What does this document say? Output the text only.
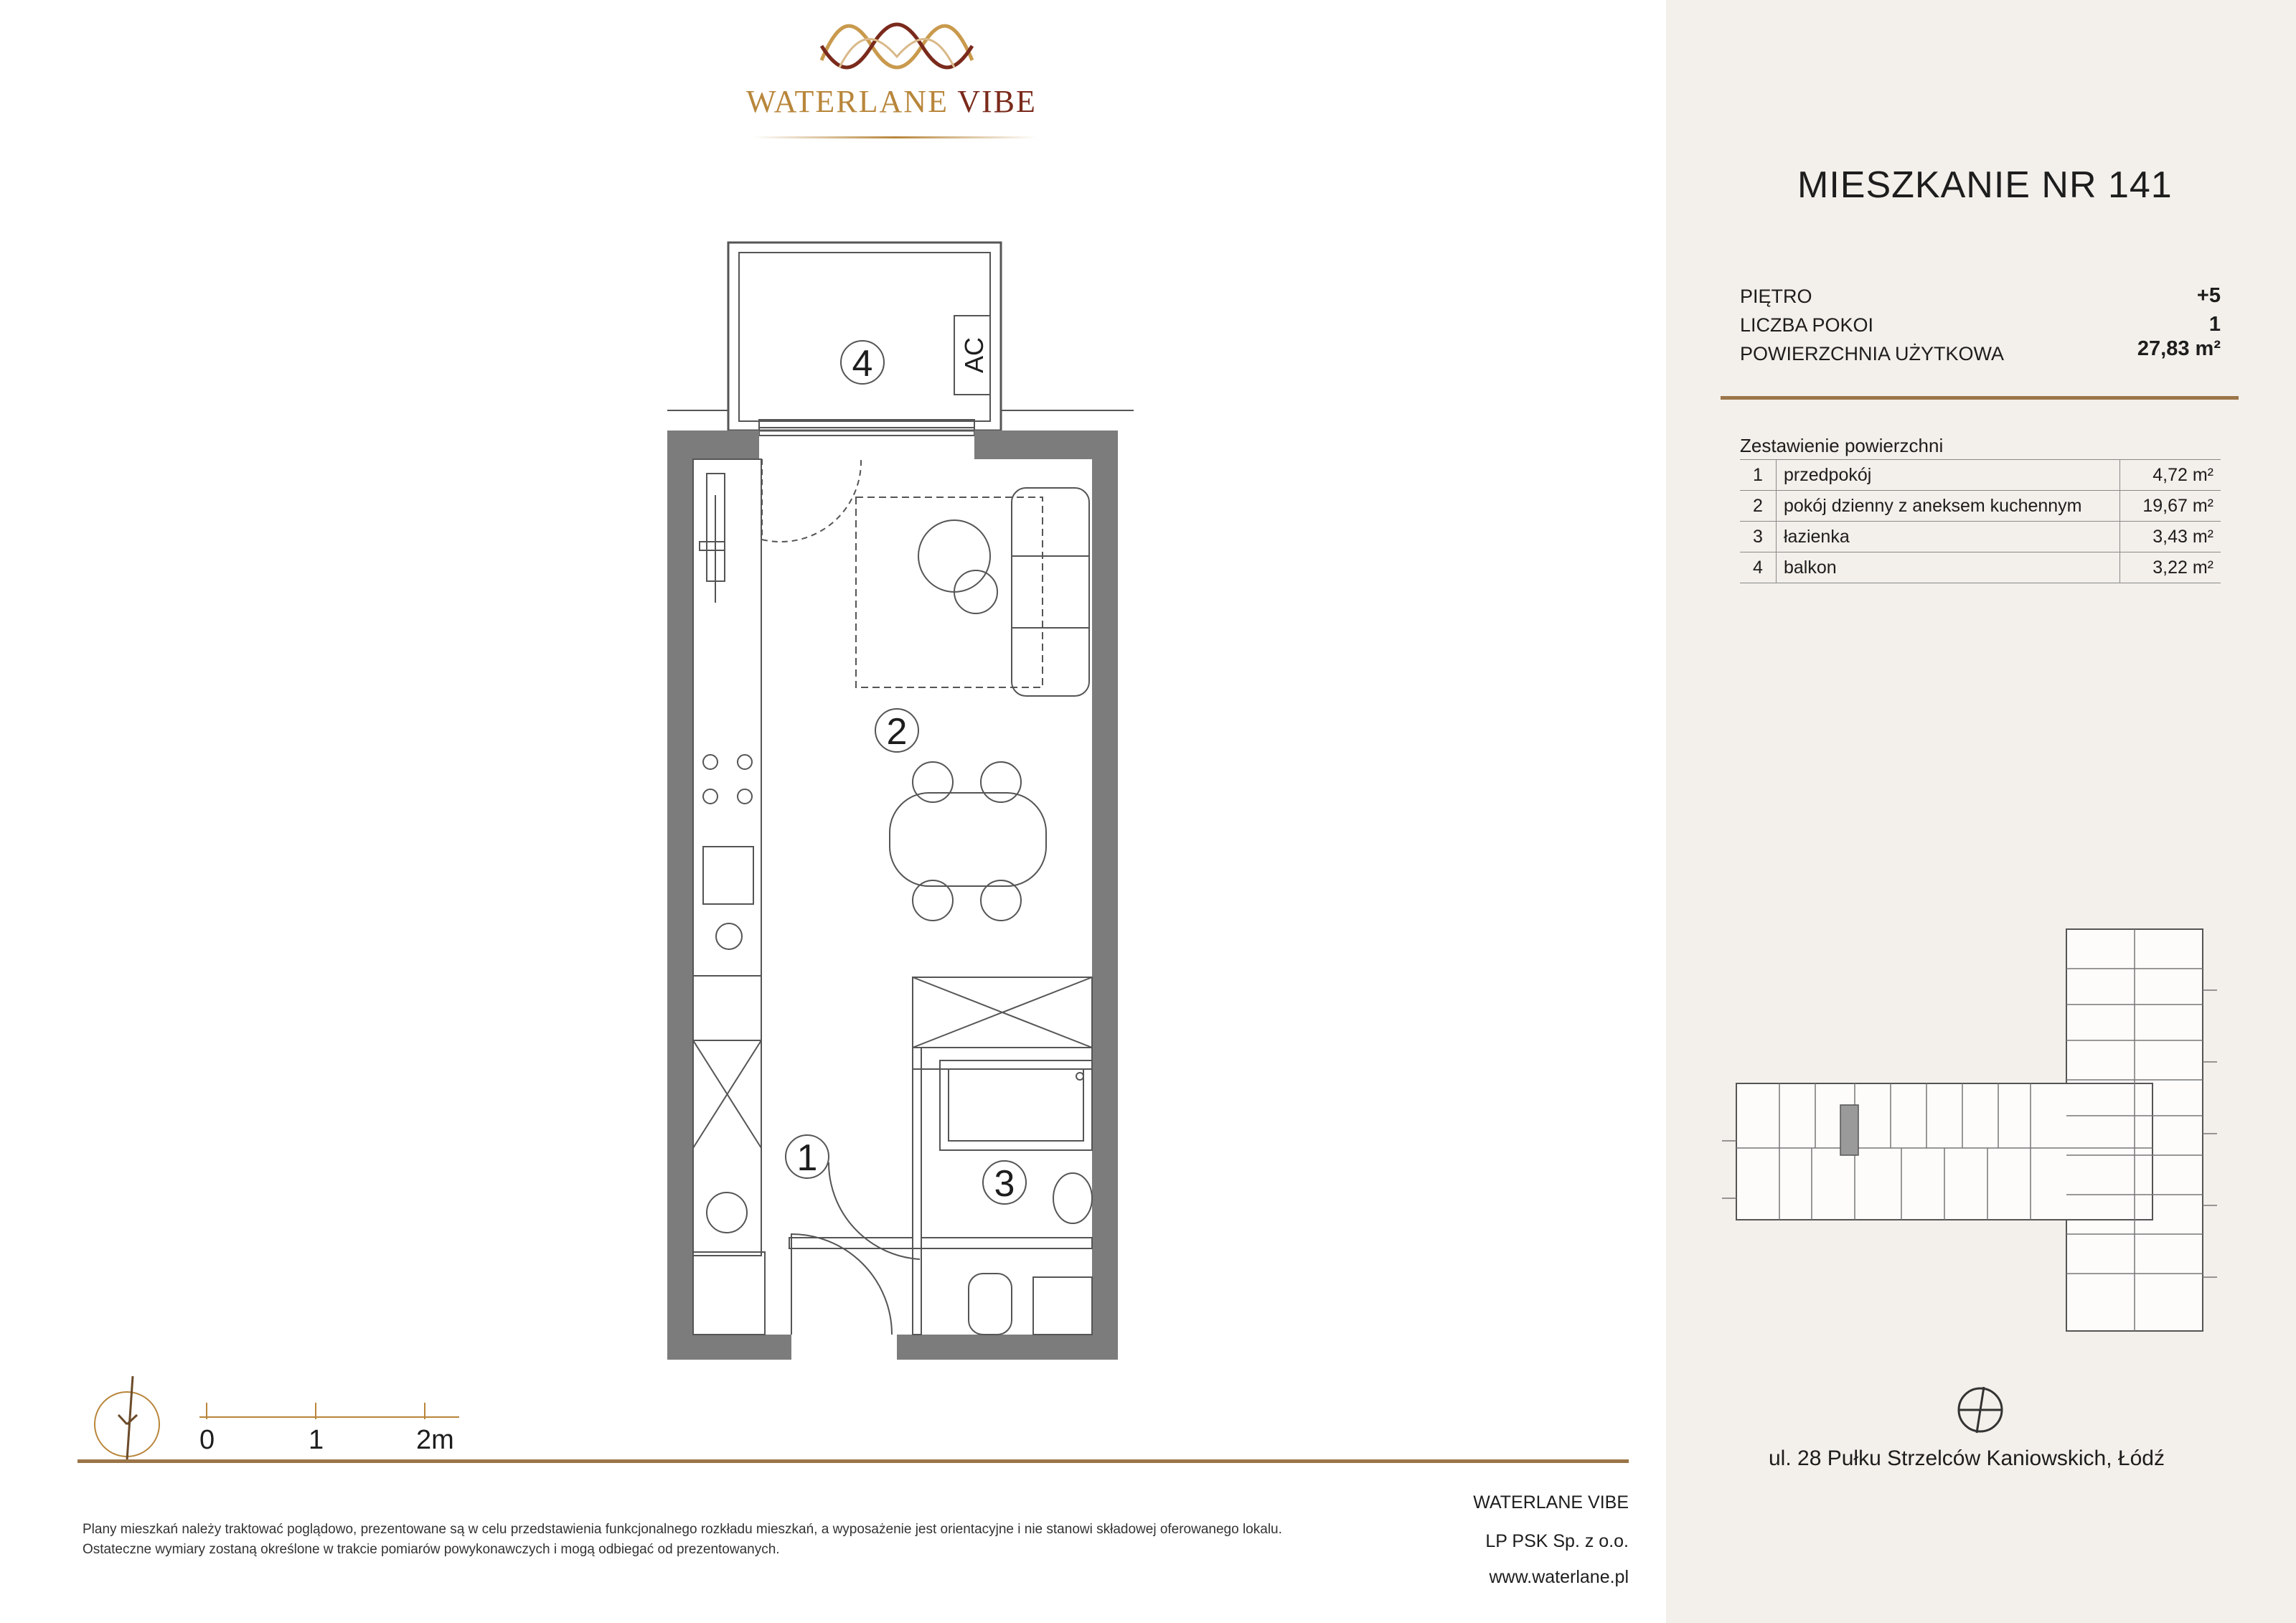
WATERLANE VIBE
4
2
1
3
AC
0	1	2m
Plany mieszkań należy traktować poglądowo, prezentowane są w celu przedstawienia funkcjonalnego rozkładu mieszkań, a wyposażenie jest orientacyjne i nie stanowi składowej oferowanego lokalu.
Ostateczne wymiary zostaną określone w trakcie pomiarów powykonawczych i mogą odbiegać od prezentowanych.
WATERLANE VIBE
LP PSK Sp. z o.o.
www.waterlane.pl
MIESZKANIE NR 141
PIĘTRO	+5
LICZBA POKOI	1
POWIERZCHNIA UŻYTKOWA	27,83 m²
Zestawienie powierzchni
1	przedpokój	4,72 m²
2	pokój dzienny z aneksem kuchennym	19,67 m²
3	łazienka	3,43 m²
4	balkon	3,22 m²
ul. 28 Pułku Strzelców Kaniowskich, Łódź
